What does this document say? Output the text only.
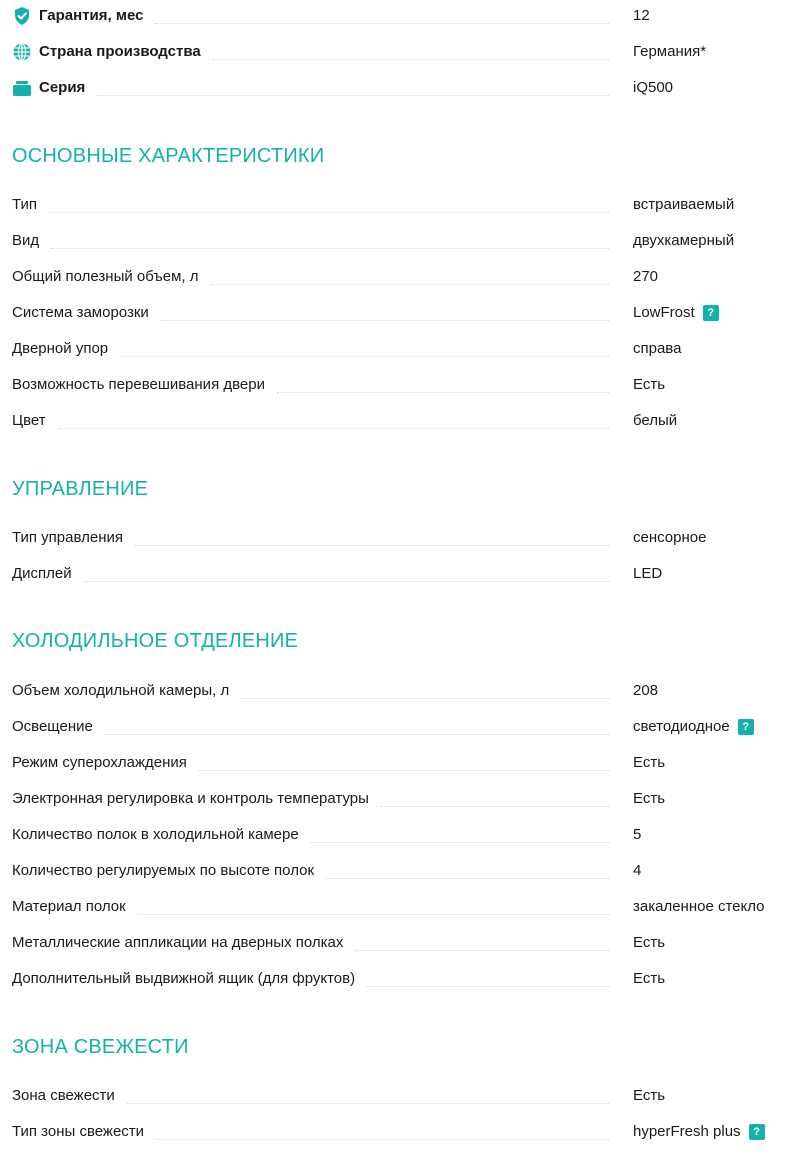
Гарантия, мес	12
Страна производства	Германия*
Серия	iQ500
ОСНОВНЫЕ ХАРАКТЕРИСТИКИ
Тип	встраиваемый
Вид	двухкамерный
Общий полезный объем, л	270
Система заморозки	LowFrost	?
Дверной упор	справа
Возможность перевешивания двери	Есть
Цвет	белый
УПРАВЛЕНИЕ
Тип управления	сенсорное
Дисплей	LED
ХОЛОДИЛЬНОЕ ОТДЕЛЕНИЕ
Объем холодильной камеры, л	208
Освещение	светодиодное	?
Режим суперохлаждения	Есть
Электронная регулировка и контроль температуры	Есть
Количество полок в холодильной камере	5
Количество регулируемых по высоте полок	4
Материал полок	закаленное стекло
Металлические аппликации на дверных полках	Есть
Дополнительный выдвижной ящик (для фруктов)	Есть
ЗОНА СВЕЖЕСТИ
Зона свежести	Есть
Тип зоны свежести	hyperFresh plus	?
